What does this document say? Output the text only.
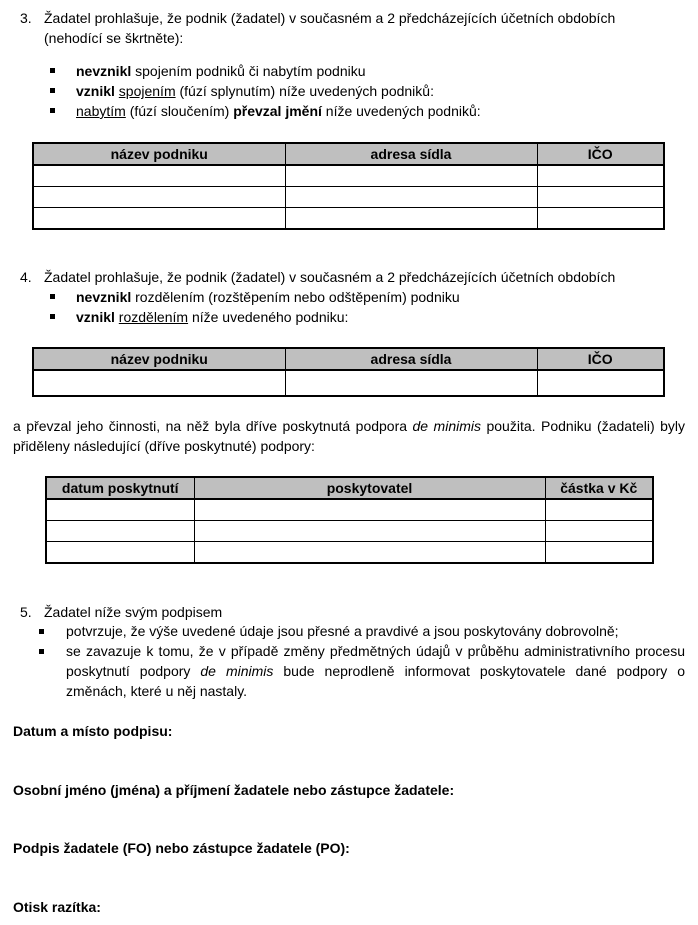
3. Žadatel prohlašuje, že podnik (žadatel) v současném a 2 předcházejících účetních obdobích
(nehodící se škrtněte):
nevznikl spojením podniků či nabytím podniku
vznikl spojením (fúzí splynutím) níže uvedených podniků:
nabytím (fúzí sloučením) převzal jmění níže uvedených podniků:
název podniku	adresa sídla	IČO

4. Žadatel prohlašuje, že podnik (žadatel) v současném a 2 předcházejících účetních obdobích
nevznikl rozdělením (rozštěpením nebo odštěpením) podniku
vznikl rozdělením níže uvedeného podniku:
název podniku	adresa sídla	IČO

a převzal jeho činnosti, na něž byla dříve poskytnutá podpora de minimis použita. Podniku (žadateli) byly přiděleny následující (dříve poskytnuté) podpory:
datum poskytnutí	poskytovatel	částka v Kč

5. Žadatel níže svým podpisem
potvrzuje, že výše uvedené údaje jsou přesné a pravdivé a jsou poskytovány dobrovolně;
se zavazuje k tomu, že v případě změny předmětných údajů v průběhu administrativního procesu poskytnutí podpory de minimis bude neprodleně informovat poskytovatele dané podpory o změnách, které u něj nastaly.
Datum a místo podpisu:
Osobní jméno (jména) a příjmení žadatele nebo zástupce žadatele:
Podpis žadatele (FO) nebo zástupce žadatele (PO):
Otisk razítka:
